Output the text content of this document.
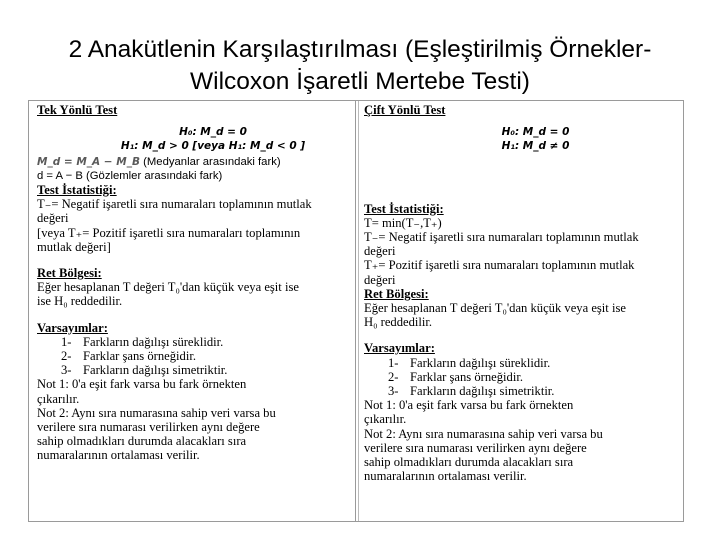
2 Anakütlenin Karşılaştırılması (Eşleştirilmiş Örnekler-
Wilcoxon İşaretli Mertebe Testi)
Tek Yönlü Test
H₀: M_d = 0
H₁: M_d > 0 [veya H₁: M_d < 0 ]
M_d = M_A − M_B (Medyanlar arasındaki fark)
d = A − B (Gözlemler arasındaki fark)
Test İstatistiği:
T₋= Negatif işaretli sıra numaraları toplamının mutlak
değeri
[veya T₊= Pozitif işaretli sıra numaraları toplamının
mutlak değeri]
Ret Bölgesi:
Eğer hesaplanan T değeri T₀'dan küçük veya eşit ise
ise H₀ reddedilir.
Varsayımlar:
1- Farkların dağılışı süreklidir.
2- Farklar şans örneğidir.
3- Farkların dağılışı simetriktir.
Not 1: 0'a eşit fark varsa bu fark örnekten
çıkarılır.
Not 2: Aynı sıra numarasına sahip veri varsa bu
verilere sıra numarası verilirken aynı değere
sahip olmadıkları durumda alacakları sıra
numaralarının ortalaması verilir.
Çift Yönlü Test
H₀: M_d = 0
H₁: M_d ≠ 0
Test İstatistiği:
T= min(T₋,T₊)
T₋= Negatif işaretli sıra numaraları toplamının mutlak
değeri
T₊= Pozitif işaretli sıra numaraları toplamının mutlak
değeri
Ret Bölgesi:
Eğer hesaplanan T değeri T₀'dan küçük veya eşit ise
H₀ reddedilir.
Varsayımlar:
1- Farkların dağılışı süreklidir.
2- Farklar şans örneğidir.
3- Farkların dağılışı simetriktir.
Not 1: 0'a eşit fark varsa bu fark örnekten
çıkarılır.
Not 2: Aynı sıra numarasına sahip veri varsa bu
verilere sıra numarası verilirken aynı değere
sahip olmadıkları durumda alacakları sıra
numaralarının ortalaması verilir.
